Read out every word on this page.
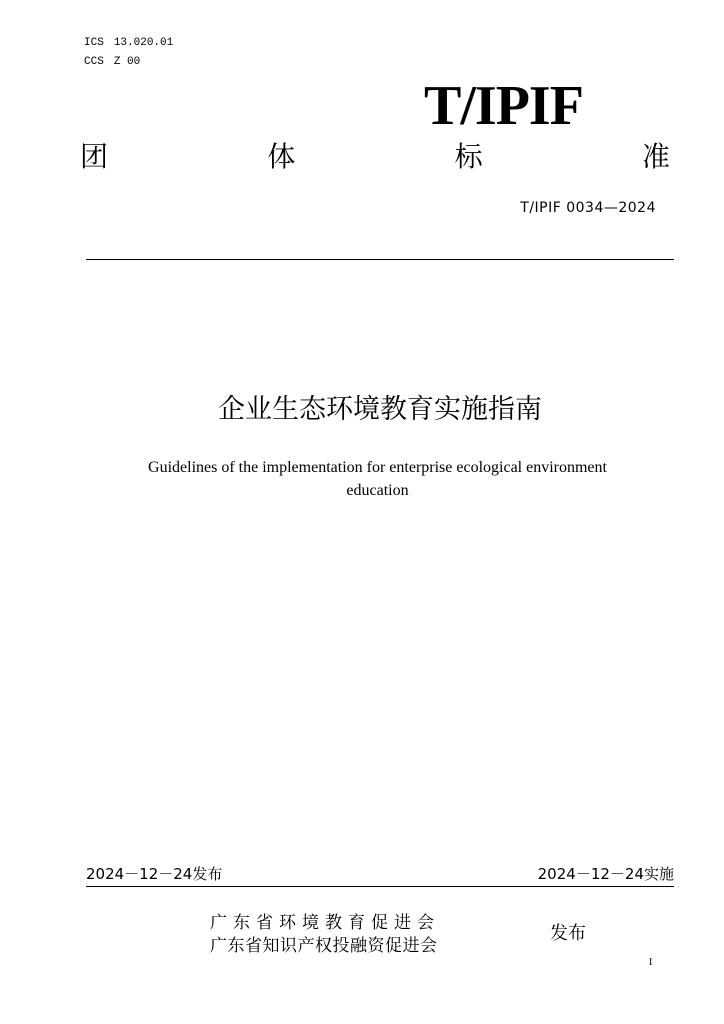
ICS 13.020.01
CCS Z 00
T/IPIF
团	体	标	准
T/IPIF 0034—2024
企业生态环境教育实施指南
Guidelines of the implementation for enterprise ecological environment
education
2024－12－24发布	2024－12－24实施
广东省环境教育促进会
广东省知识产权投融资促进会
发布
I
